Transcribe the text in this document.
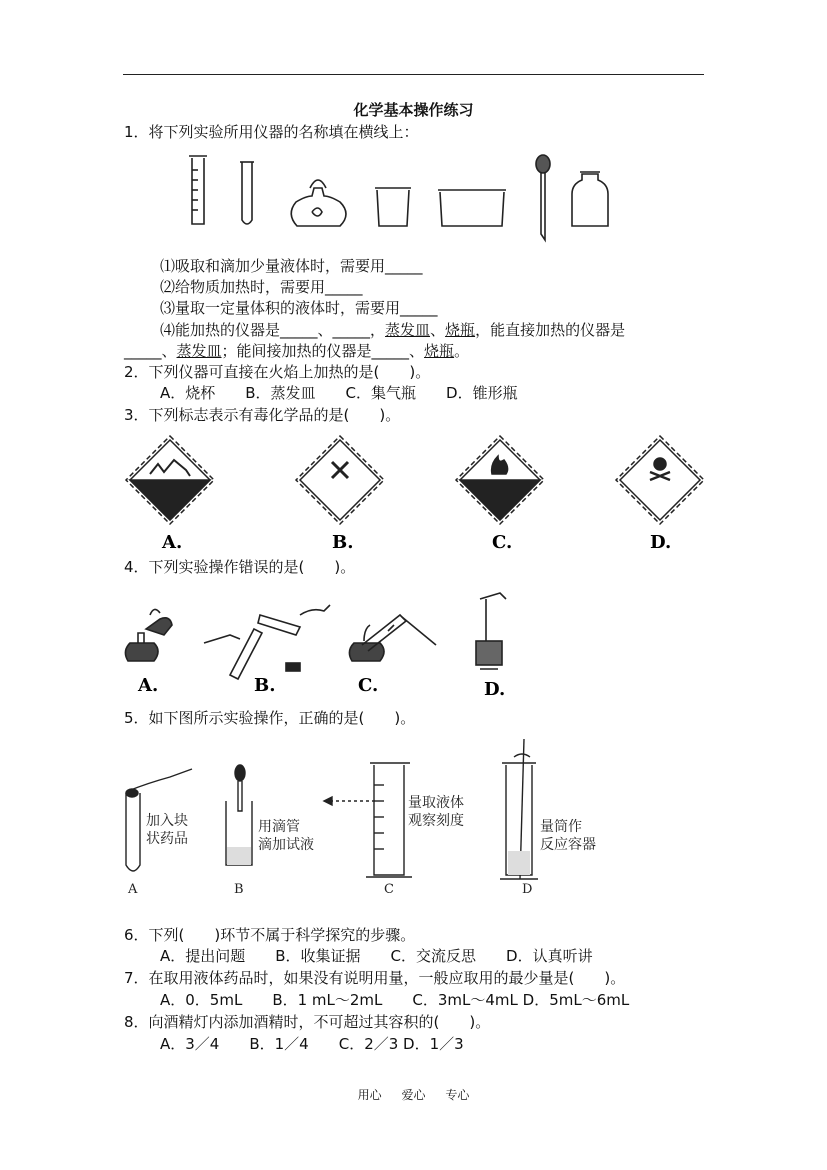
化学基本操作练习
1．将下列实验所用仪器的名称填在横线上：
⑴吸取和滴加少量液体时，需要用_____
⑵给物质加热时，需要用_____
⑶量取一定量体积的液体时，需要用_____
⑷能加热的仪器是_____、_____，蒸发皿、烧瓶，能直接加热的仪器是
_____、蒸发皿；能间接加热的仪器是_____、烧瓶。
2．下列仪器可直接在火焰上加热的是(　　)。
A．烧杯　　B．蒸发皿　　C．集气瓶　　D．锥形瓶
3．下列标志表示有毒化学品的是(　　)。
A.	B.	C.	D.
4．下列实验操作错误的是(　　)。
A.	B.	C.	D.
5．如下图所示实验操作，正确的是(　　)。
加入块
状药品
用滴管
滴加试液
量取液体
观察刻度	量筒作
反应容器
A	B	C	D
6．下列(　　)环节不属于科学探究的步骤。
A．提出问题　　B．收集证据　　C．交流反思　　D．认真听讲
7．在取用液体药品时，如果没有说明用量，一般应取用的最少量是(　　)。
A．0．5mL　　B．1 mL～2mL　　C．3mL～4mL D．5mL～6mL
8．向酒精灯内添加酒精时，不可超过其容积的(　　)。
A．3／4　　B．1／4　　C．2／3 D．1／3
用心 爱心 专心
